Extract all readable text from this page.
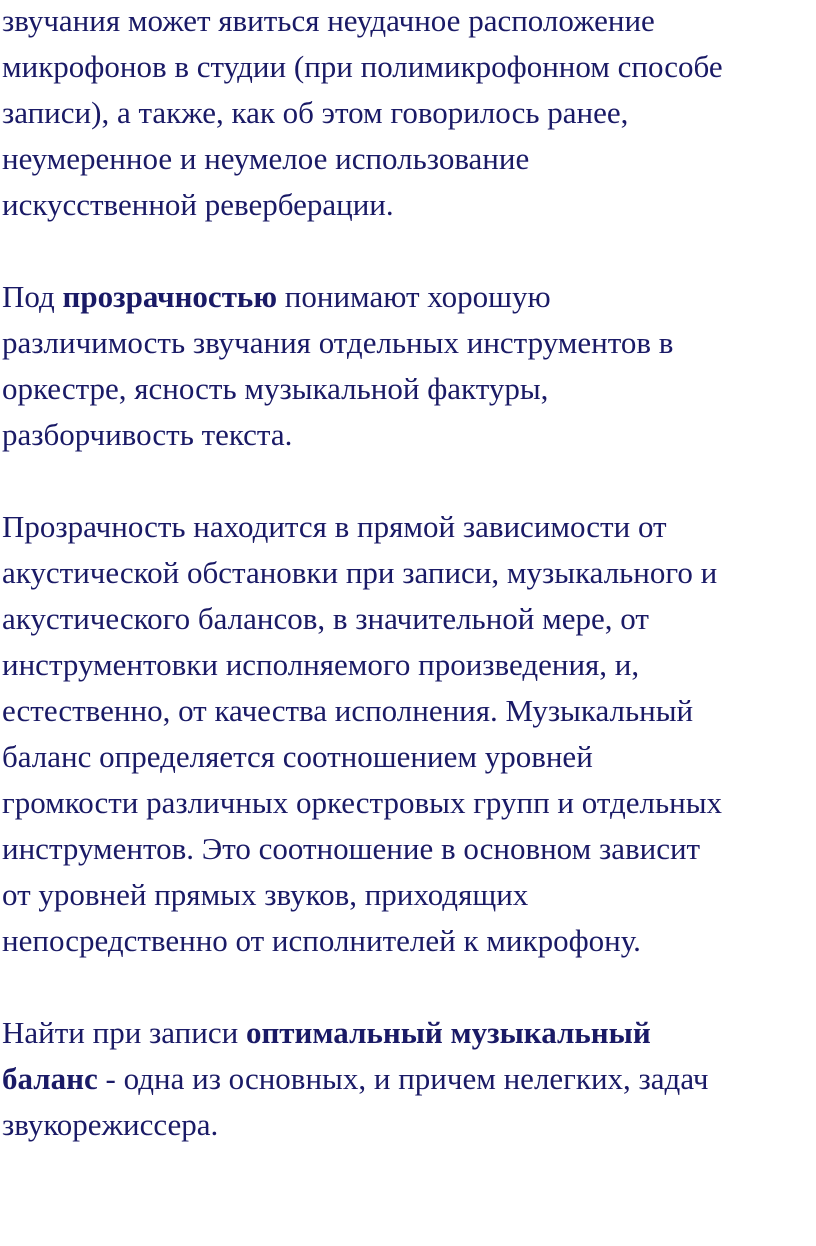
звучания может явиться неудачное расположение
микрофонов в студии (при полимикрофонном способе
записи), а также, как об этом говорилось ранее,
неумеренное и неумелое использование
искусственной реверберации.
Под прозрачностью понимают хорошую
различимость звучания отдельных инструментов в
оркестре, ясность музыкальной фактуры,
разборчивость текста.
Прозрачность находится в прямой зависимости от
акустической обстановки при записи, музыкального и
акустического балансов, в значительной мере, от
инструментовки исполняемого произведения, и,
естественно, от качества исполнения. Музыкальный
баланс определяется соотношением уровней
громкости различных оркестровых групп и отдельных
инструментов. Это соотношение в основном зависит
от уровней прямых звуков, приходящих
непосредственно от исполнителей к микрофону.
Найти при записи оптимальный музыкальный
баланс - одна из основных, и причем нелегких, задач
звукорежиссера.
